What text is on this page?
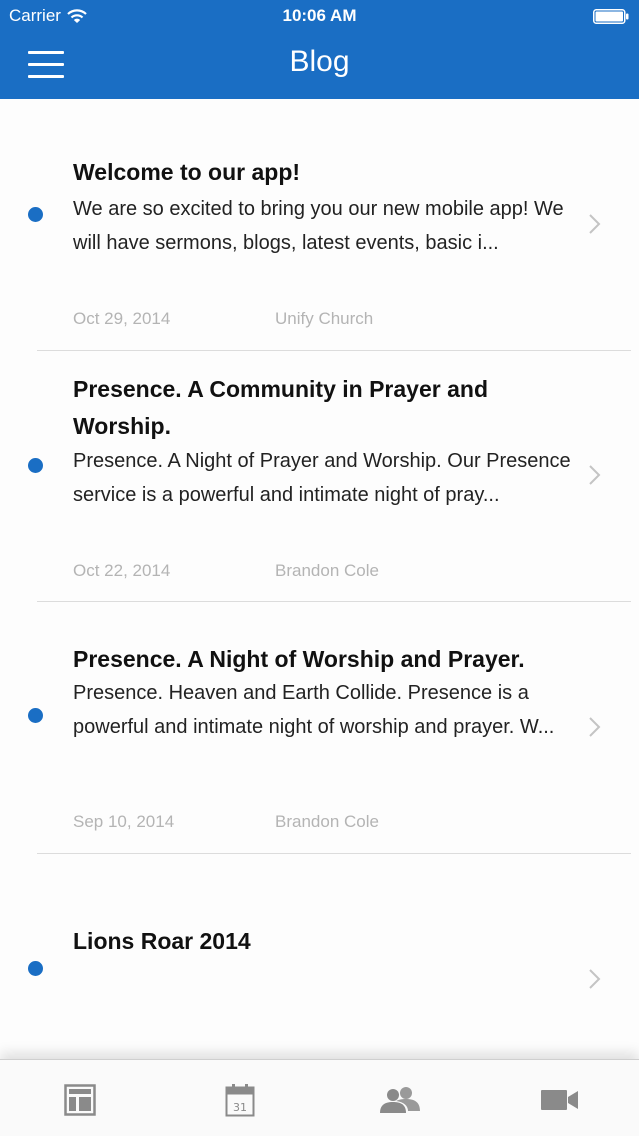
Carrier	10:06 AM
Blog
Welcome to our app!
We are so excited to bring you our new mobile app! We will have sermons, blogs, latest events, basic i...
Oct 29, 2014	Unify Church
Presence. A Community in Prayer and Worship.
Presence. A Night of Prayer and Worship. Our Presence service is a powerful and intimate night of pray...
Oct 22, 2014	Brandon Cole
Presence. A Night of Worship and Prayer.
Presence. Heaven and Earth Collide. Presence is a powerful and intimate night of worship and prayer. W...
Sep 10, 2014	Brandon Cole
Lions Roar 2014
31
